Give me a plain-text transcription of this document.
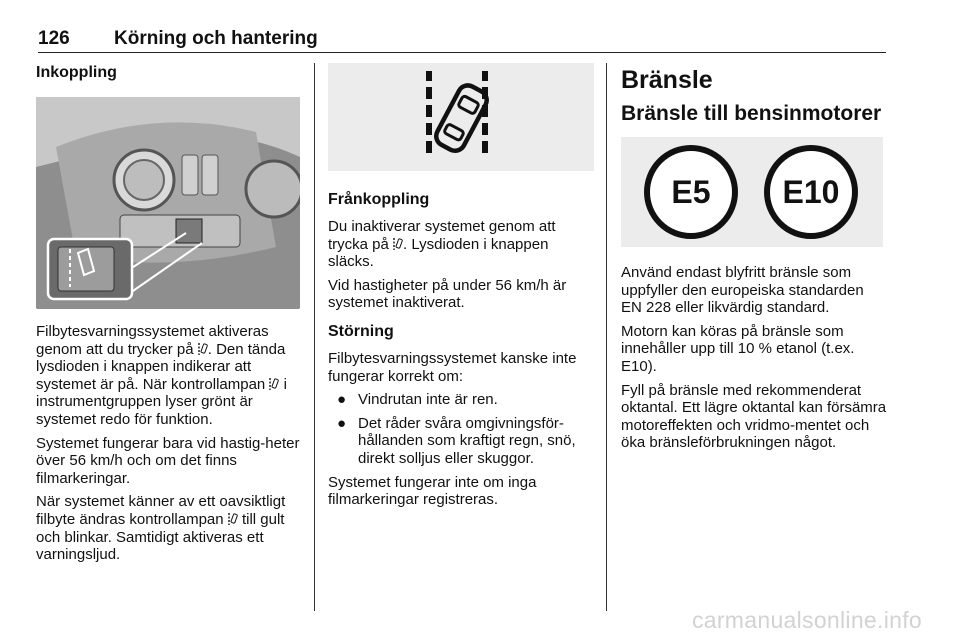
126 Körning och hantering
Inkoppling

Filbytesvarningssystemet aktiveras genom att du trycker på . Den tända lysdioden i knappen indikerar att systemet är på. När kontrollampan  i instrumentgruppen lyser grönt är systemet redo för funktion.

Systemet fungerar bara vid hastig-heter över 56 km/h och om det finns filmarkeringar.

När systemet känner av ett oavsiktligt filbyte ändras kontrollampan  till gult och blinkar. Samtidigt aktiveras ett varningsljud.

Frånkoppling

Du inaktiverar systemet genom att trycka på . Lysdioden i knappen släcks.

Vid hastigheter på under 56 km/h är systemet inaktiverat.

Störning

Filbytesvarningssystemet kanske inte fungerar korrekt om:

● Vindrutan inte är ren.
● Det råder svåra omgivningsför-hållanden som kraftigt regn, snö, direkt solljus eller skuggor.

Systemet fungerar inte om inga filmarkeringar registreras.

Bränsle
Bränsle till bensinmotorer
E5 E10

Använd endast blyfritt bränsle som uppfyller den europeiska standarden EN 228 eller likvärdig standard.

Motorn kan köras på bränsle som innehåller upp till 10 % etanol (t.ex. E10).

Fyll på bränsle med rekommenderat oktantal. Ett lägre oktantal kan försämra motoreffekten och vridmo-mentet och öka bränsleförbrukningen något.

carmanualsonline.info
